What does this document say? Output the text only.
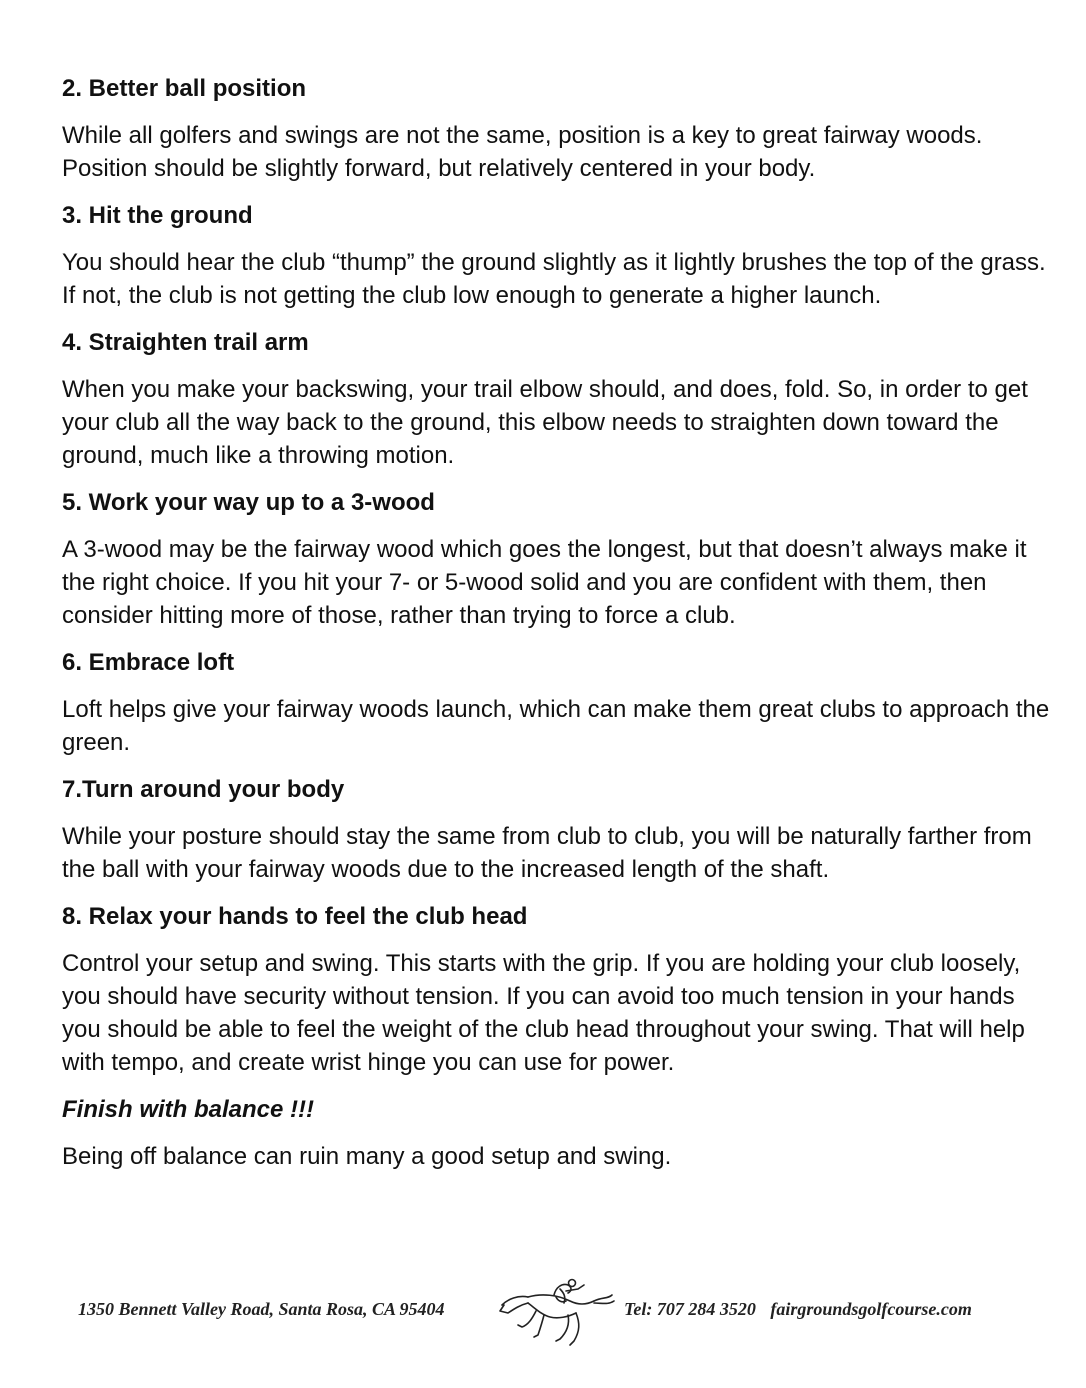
2. Better ball position

While all golfers and swings are not the same, position is a key to great fairway woods. Position should be slightly forward, but relatively centered in your body.

3. Hit the ground

You should hear the club “thump” the ground slightly as it lightly brushes the top of the grass. If not, the club is not getting the club low enough to generate a higher launch.

4. Straighten trail arm

When you make your backswing, your trail elbow should, and does, fold. So, in order to get your club all the way back to the ground, this elbow needs to straighten down toward the ground, much like a throwing motion.

5. Work your way up to a 3-wood

A 3-wood may be the fairway wood which goes the longest, but that doesn’t always make it the right choice. If you hit your 7- or 5-wood solid and you are confident with them, then consider hitting more of those, rather than trying to force a club.

6. Embrace loft

Loft helps give your fairway woods launch, which can make them great clubs to approach the green.

7.Turn around your body

While your posture should stay the same from club to club, you will be naturally farther from the ball with your fairway woods due to the increased length of the shaft.

8. Relax your hands to feel the club head

Control your setup and swing. This starts with the grip. If you are holding your club loosely, you should have security without tension. If you can avoid too much tension in your hands you should be able to feel the weight of the club head throughout your swing. That will help with tempo, and create wrist hinge you can use for power.

Finish with balance !!!

Being off balance can ruin many a good setup and swing.

1350 Bennett Valley Road, Santa Rosa, CA 95404	Tel: 707 284 3520 fairgroundsgolfcourse.com
